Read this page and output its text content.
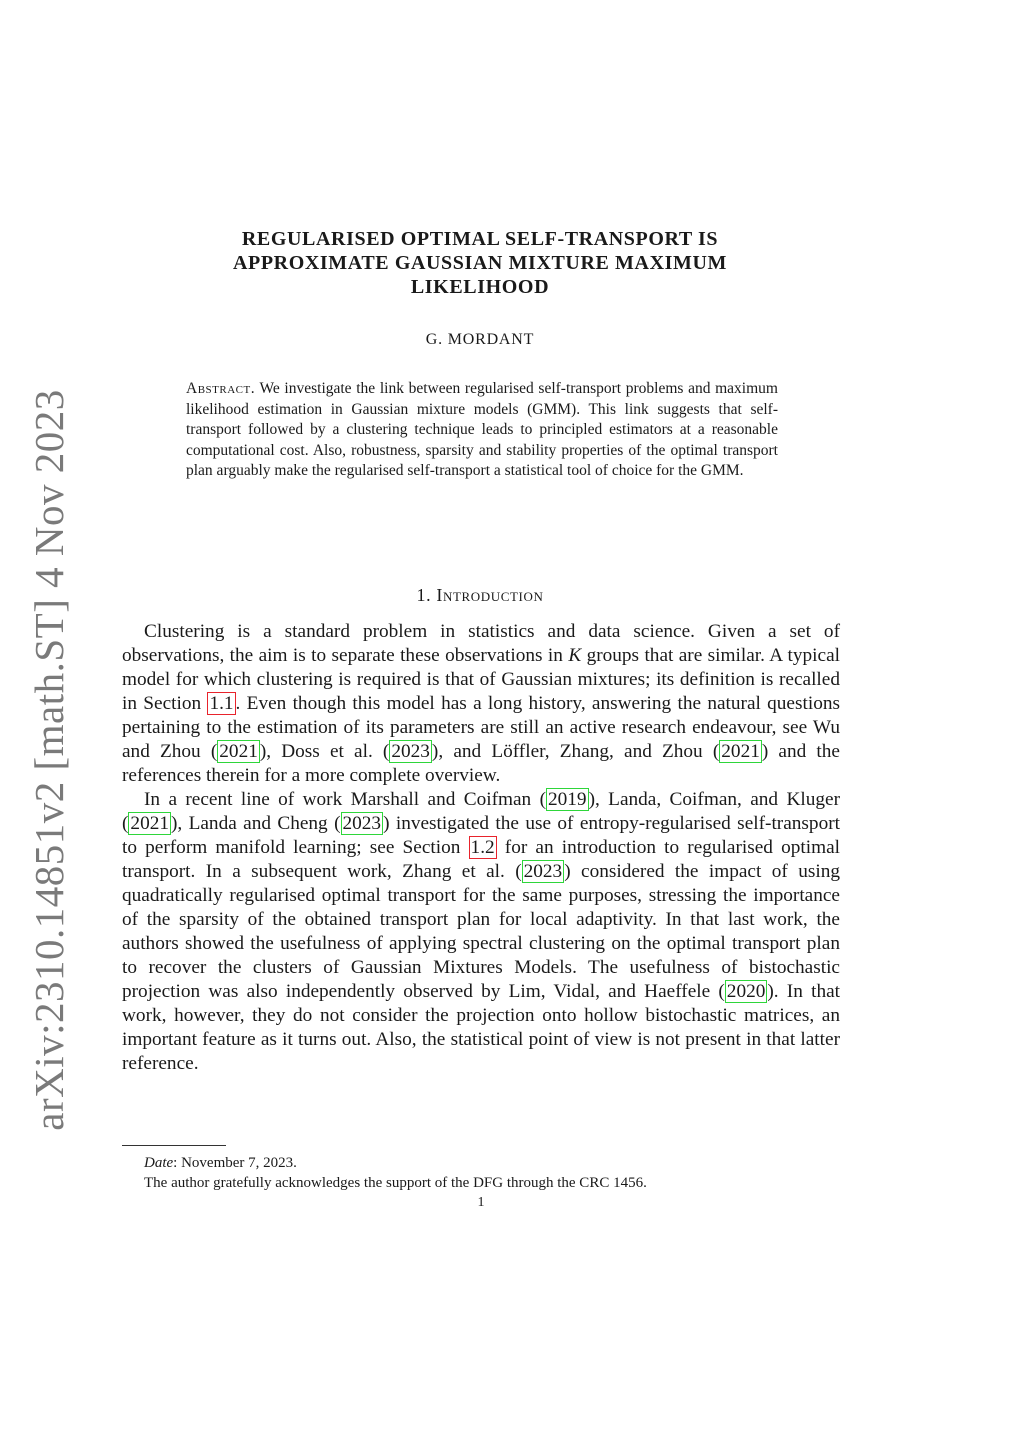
arXiv:2310.14851v2 [math.ST] 4 Nov 2023
REGULARISED OPTIMAL SELF-TRANSPORT IS
APPROXIMATE GAUSSIAN MIXTURE MAXIMUM
LIKELIHOOD
G. MORDANT
Abstract. We investigate the link between regularised self-transport problems and maximum likelihood estimation in Gaussian mixture models (GMM). This link suggests that self-transport followed by a clustering technique leads to principled estimators at a reasonable computational cost. Also, robustness, sparsity and stability properties of the optimal transport plan arguably make the regularised self-transport a statistical tool of choice for the GMM.
1. Introduction

Clustering is a standard problem in statistics and data science. Given a set of observations, the aim is to separate these observations in K groups that are similar. A typical model for which clustering is required is that of Gaussian mixtures; its definition is recalled in Section 1.1 . Even though this model has a long history, answering the natural questions pertaining to the estimation of its parameters are still an active research endeavour, see Wu and Zhou ( 2021 ), Doss et al. ( 2023 ), and Löffler, Zhang, and Zhou ( 2021 ) and the references therein for a more complete overview.

In a recent line of work Marshall and Coifman ( 2019 ), Landa, Coifman, and Kluger ( 2021 ), Landa and Cheng ( 2023 ) investigated the use of entropy-regularised self-transport to perform manifold learning; see Section 1.2 for an introduction to regularised optimal transport. In a subsequent work, Zhang et al. ( 2023 ) considered the impact of using quadratically regularised optimal transport for the same purposes, stressing the importance of the sparsity of the obtained transport plan for local adaptivity. In that last work, the authors showed the usefulness of applying spectral clustering on the optimal transport plan to recover the clusters of Gaussian Mixtures Models. The usefulness of bistochastic projection was also independently observed by Lim, Vidal, and Haeffele ( 2020 ). In that work, however, they do not consider the projection onto hollow bistochastic matrices, an important feature as it turns out. Also, the statistical point of view is not present in that latter reference.

Date: November 7, 2023.
The author gratefully acknowledges the support of the DFG through the CRC 1456.
1
